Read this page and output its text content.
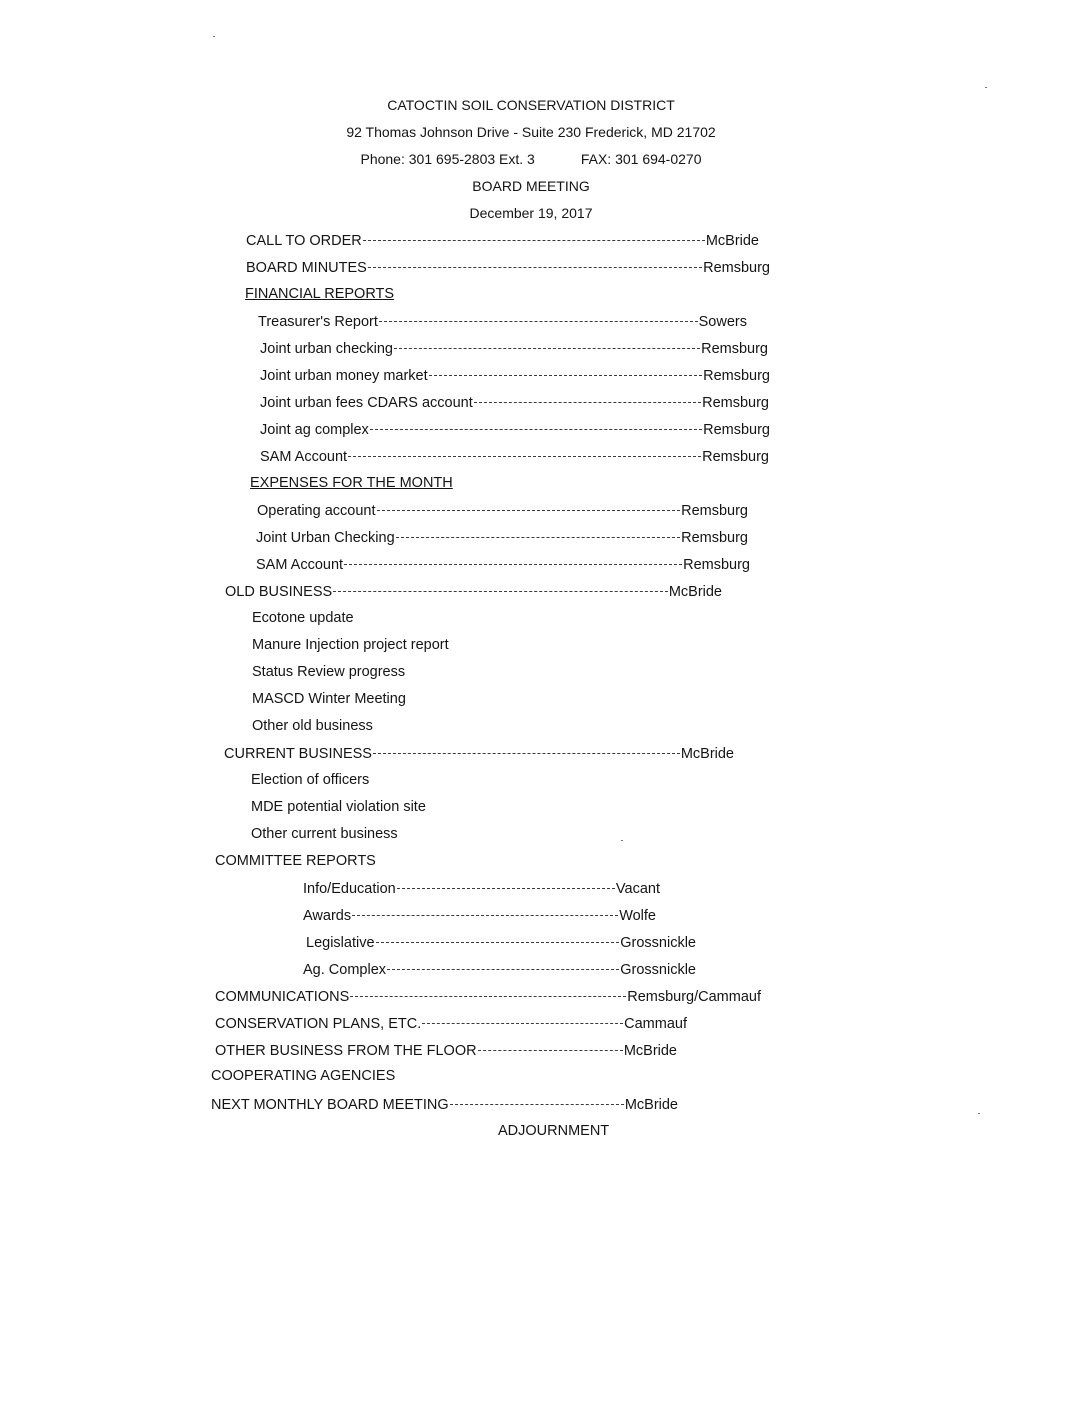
CATOCTIN SOIL CONSERVATION DISTRICT
92 Thomas Johnson Drive - Suite 230 Frederick, MD 21702
Phone: 301 695-2803 Ext. 3	FAX: 301 694-0270
BOARD MEETING
December 19, 2017
CALL TO ORDER	McBride
BOARD MINUTES	Remsburg
FINANCIAL REPORTS
Treasurer's Report	Sowers
Joint urban checking	Remsburg
Joint urban money market	Remsburg
Joint urban fees CDARS account	Remsburg
Joint ag complex	Remsburg
SAM Account	Remsburg
EXPENSES FOR THE MONTH
Operating account	Remsburg
Joint Urban Checking	Remsburg
SAM Account	Remsburg
OLD BUSINESS	McBride
Ecotone update
Manure Injection project report
Status Review progress
MASCD Winter Meeting
Other old business
CURRENT BUSINESS	McBride
Election of officers
MDE potential violation site
Other current business
COMMITTEE REPORTS
Info/Education	Vacant
Awards	Wolfe
Legislative	Grossnickle
Ag. Complex	Grossnickle
COMMUNICATIONS	Remsburg/Cammauf
CONSERVATION PLANS, ETC.	Cammauf
OTHER BUSINESS FROM THE FLOOR	McBride
COOPERATING AGENCIES
NEXT MONTHLY BOARD MEETING	McBride
ADJOURNMENT
